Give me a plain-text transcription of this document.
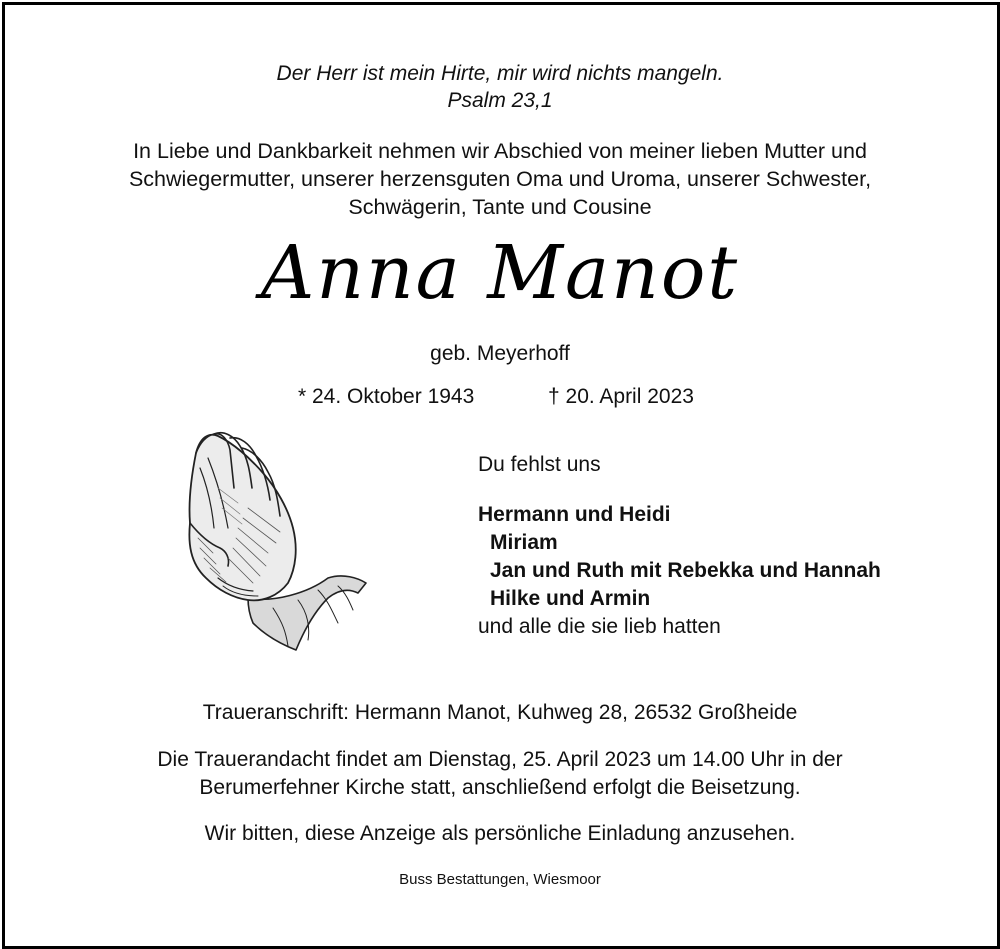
Der Herr ist mein Hirte, mir wird nichts mangeln.
Psalm 23,1
In Liebe und Dankbarkeit nehmen wir Abschied von meiner lieben Mutter und
Schwiegermutter, unserer herzensguten Oma und Uroma, unserer Schwester,
Schwägerin, Tante und Cousine
Anna Manot
geb. Meyerhoff
* 24. Oktober 1943	† 20. April 2023
Du fehlst uns
Hermann und Heidi
Miriam
Jan und Ruth mit Rebekka und Hannah
Hilke und Armin
und alle die sie lieb hatten
Traueranschrift: Hermann Manot, Kuhweg 28, 26532 Großheide
Die Trauerandacht findet am Dienstag, 25. April 2023 um 14.00 Uhr in der
Berumerfehner Kirche statt, anschließend erfolgt die Beisetzung.
Wir bitten, diese Anzeige als persönliche Einladung anzusehen.
Buss Bestattungen, Wiesmoor
